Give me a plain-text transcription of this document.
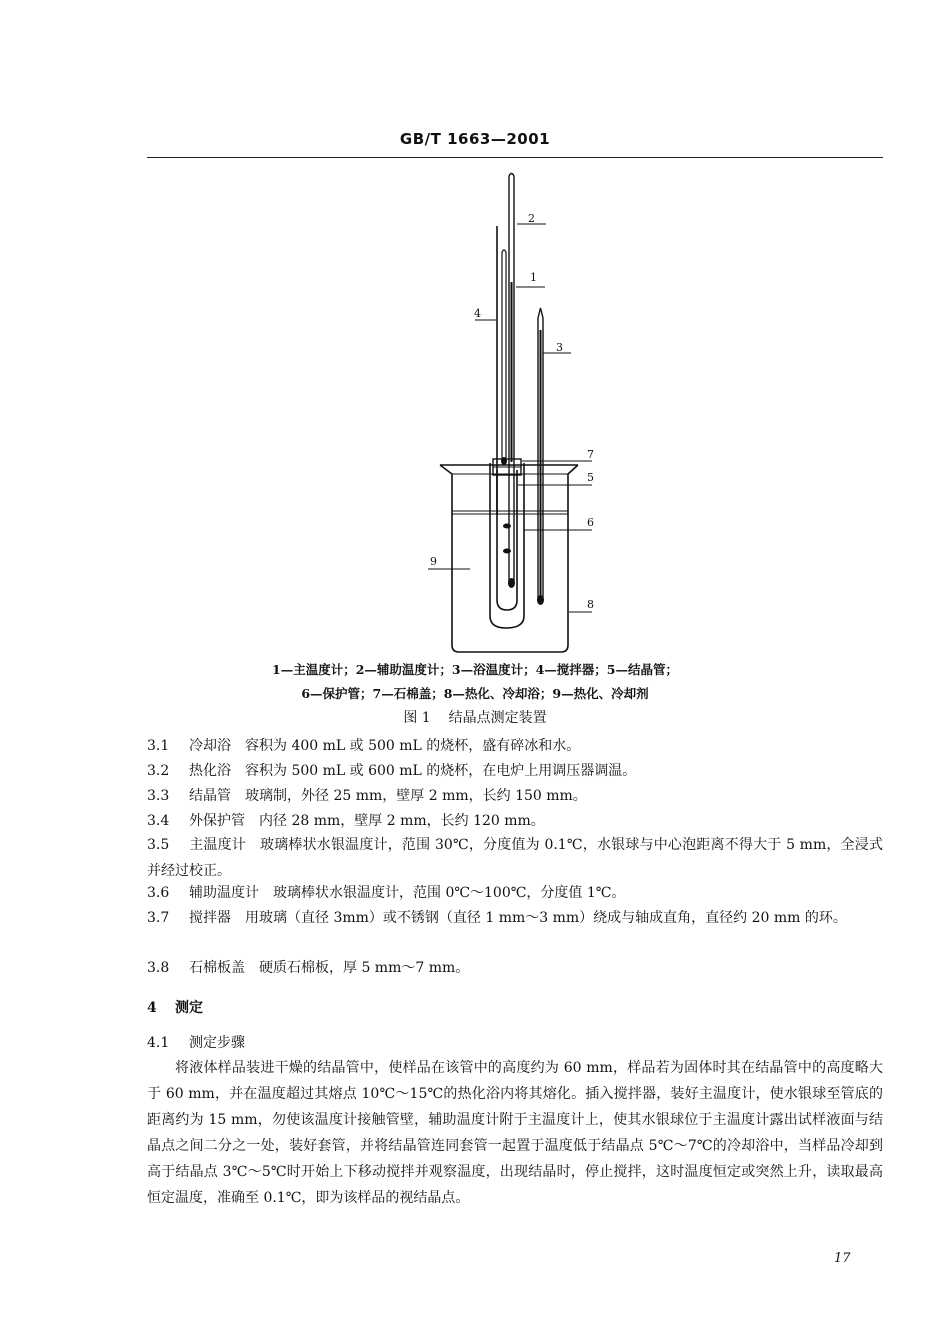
GB/T 1663—2001
2
1
3
4
7
5
6
8
9
1—主温度计；2—辅助温度计；3—浴温度计；4—搅拌器；5—结晶管；
6—保护管；7—石棉盖；8—热化、冷却浴；9—热化、冷却剂
图 1 结晶点测定装置
3.1 冷却浴 容积为 400 mL 或 500 mL 的烧杯，盛有碎冰和水。
3.2 热化浴 容积为 500 mL 或 600 mL 的烧杯，在电炉上用调压器调温。
3.3 结晶管 玻璃制，外径 25 mm，壁厚 2 mm，长约 150 mm。
3.4 外保护管 内径 28 mm，壁厚 2 mm，长约 120 mm。
3.5 主温度计 玻璃棒状水银温度计，范围 30℃，分度值为 0.1℃，水银球与中心泡距离不得大于 5 mm，全浸式并经过校正。
3.6 辅助温度计 玻璃棒状水银温度计，范围 0℃～100℃，分度值 1℃。
3.7 搅拌器 用玻璃（直径 3mm）或不锈钢（直径 1 mm～3 mm）绕成与轴成直角，直径约 20 mm 的环。
3.8 石棉板盖 硬质石棉板，厚 5 mm～7 mm。
4 测定
4.1 测定步骤
将液体样品装进干燥的结晶管中，使样品在该管中的高度约为 60 mm，样品若为固体时其在结晶管中的高度略大于 60 mm，并在温度超过其熔点 10℃～15℃的热化浴内将其熔化。插入搅拌器，装好主温度计，使水银球至管底的距离约为 15 mm，勿使该温度计接触管壁，辅助温度计附于主温度计上，使其水银球位于主温度计露出试样液面与结晶点之间二分之一处，装好套管，并将结晶管连同套管一起置于温度低于结晶点 5℃～7℃的冷却浴中，当样品冷却到高于结晶点 3℃～5℃时开始上下移动搅拌并观察温度，出现结晶时，停止搅拌，这时温度恒定或突然上升，读取最高恒定温度，准确至 0.1℃，即为该样品的视结晶点。
17
